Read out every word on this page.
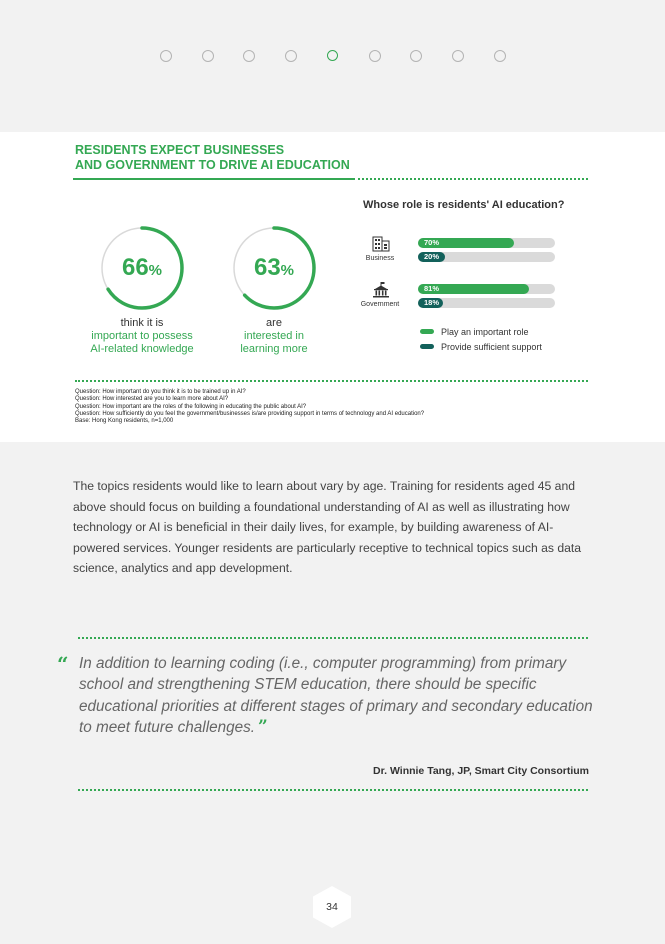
RESIDENTS EXPECT BUSINESSES
AND GOVERNMENT TO DRIVE AI EDUCATION
66%
think it is
important to possess
AI-related knowledge
63%
are
interested in
learning more
Whose role is residents' AI education?
Business
70%
20%
Government
81%
18%
Play an important role
Provide sufficient support
Question: How important do you think it is to be trained up in AI?
Question: How interested are you to learn more about AI?
Question: How important are the roles of the following in educating the public about AI?
Question: How sufficiently do you feel the government/businesses is/are providing support in terms of technology and AI education?
Base: Hong Kong residents, n=1,000
The topics residents would like to learn about vary by age. Training for residents aged 45 and above should focus on building a foundational understanding of AI as well as illustrating how technology or AI is beneficial in their daily lives, for example, by building awareness of AI-powered services. Younger residents are particularly receptive to technical topics such as data science, analytics and app development.
“ In addition to learning coding (i.e., computer programming) from primary school and strengthening STEM education, there should be specific educational priorities at different stages of primary and secondary education to meet future challenges. ”
Dr. Winnie Tang, JP, Smart City Consortium
34
